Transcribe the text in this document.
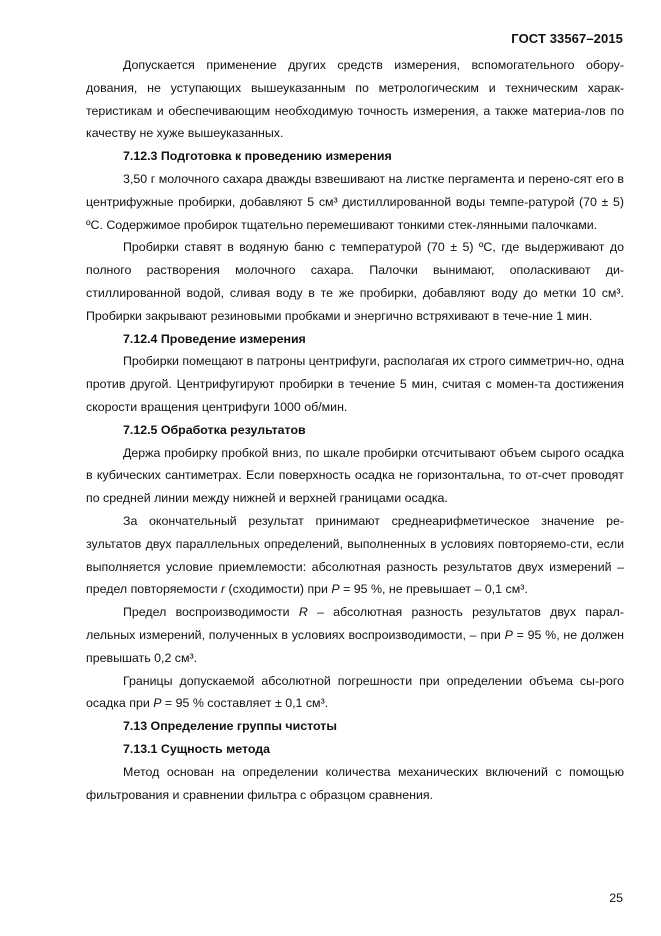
ГОСТ 33567–2015

Допускается применение других средств измерения, вспомогательного обору-дования, не уступающих вышеуказанным по метрологическим и техническим харак-теристикам и обеспечивающим необходимую точность измерения, а также материа-лов по качеству не хуже вышеуказанных.

7.12.3 Подготовка к проведению измерения

3,50 г молочного сахара дважды взвешивают на листке пергамента и перено-сят его в центрифужные пробирки, добавляют 5 см³ дистиллированной воды темпе-ратурой (70 ± 5) ºС. Содержимое пробирок тщательно перемешивают тонкими стек-лянными палочками.

Пробирки ставят в водяную баню с температурой (70 ± 5) ºС, где выдерживают до полного растворения молочного сахара. Палочки вынимают, ополаскивают ди-стиллированной водой, сливая воду в те же пробирки, добавляют воду до метки 10 см³. Пробирки закрывают резиновыми пробками и энергично встряхивают в тече-ние 1 мин.

7.12.4 Проведение измерения

Пробирки помещают в патроны центрифуги, располагая их строго симметрич-но, одна против другой. Центрифугируют пробирки в течение 5 мин, считая с момен-та достижения скорости вращения центрифуги 1000 об/мин.

7.12.5 Обработка результатов

Держа пробирку пробкой вниз, по шкале пробирки отсчитывают объем сырого осадка в кубических сантиметрах. Если поверхность осадка не горизонтальна, то от-счет проводят по средней линии между нижней и верхней границами осадка.

За окончательный результат принимают среднеарифметическое значение ре-зультатов двух параллельных определений, выполненных в условиях повторяемо-сти, если выполняется условие приемлемости: абсолютная разность результатов двух измерений – предел повторяемости r (сходимости) при P = 95 %, не превышает – 0,1 см³.

Предел воспроизводимости R – абсолютная разность результатов двух парал-лельных измерений, полученных в условиях воспроизводимости, – при P = 95 %, не должен превышать 0,2 см³.

Границы допускаемой абсолютной погрешности при определении объема сы-рого осадка при P = 95 % составляет ± 0,1 см³.

7.13 Определение группы чистоты

7.13.1 Сущность метода

Метод основан на определении количества механических включений с помощью фильтрования и сравнении фильтра с образцом сравнения.

25
